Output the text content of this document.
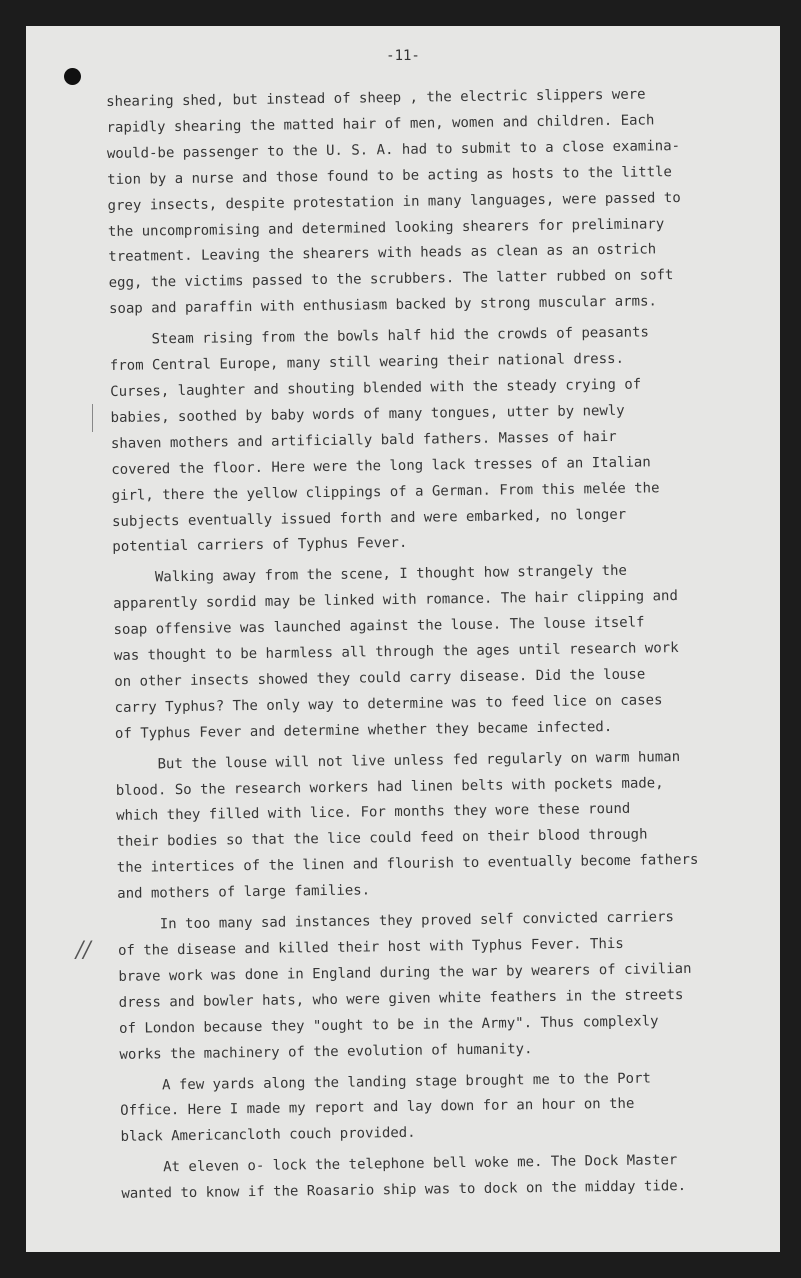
-11-
//

shearing shed, but instead of sheep , the electric slippers were
rapidly shearing the matted hair of men, women and children. Each
would-be passenger to the U. S. A. had to submit to a close examina-
tion by a nurse and those found to be acting as hosts to the little
grey insects, despite protestation in many languages, were passed to
the uncompromising and determined looking shearers for preliminary
treatment. Leaving the shearers with heads as clean as an ostrich
egg, the victims passed to the scrubbers. The latter rubbed on soft
soap and paraffin with enthusiasm backed by strong muscular arms.

Steam rising from the bowls half hid the crowds of peasants
from Central Europe, many still wearing their national dress.
Curses, laughter and shouting blended with the steady crying of
babies, soothed by baby words of many tongues, utter by newly
shaven mothers and artificially bald fathers. Masses of hair
covered the floor. Here were the long lack tresses of an Italian
girl, there the yellow clippings of a German. From this melée the
subjects eventually issued forth and were embarked, no longer
potential carriers of Typhus Fever.

Walking away from the scene, I thought how strangely the
apparently sordid may be linked with romance. The hair clipping and
soap offensive was launched against the louse. The louse itself
was thought to be harmless all through the ages until research work
on other insects showed they could carry disease. Did the louse
carry Typhus? The only way to determine was to feed lice on cases
of Typhus Fever and determine whether they became infected.

But the louse will not live unless fed regularly on warm human
blood. So the research workers had linen belts with pockets made,
which they filled with lice. For months they wore these round
their bodies so that the lice could feed on their blood through
the intertices of the linen and flourish to eventually become fathers
and mothers of large families.

In too many sad instances they proved self convicted carriers
of the disease and killed their host with Typhus Fever. This
brave work was done in England during the war by wearers of civilian
dress and bowler hats, who were given white feathers in the streets
of London because they "ought to be in the Army". Thus complexly
works the machinery of the evolution of humanity.

A few yards along the landing stage brought me to the Port
Office. Here I made my report and lay down for an hour on the
black Americancloth couch provided.

At eleven o- lock the telephone bell woke me. The Dock Master
wanted to know if the Roasario ship was to dock on the midday tide.
